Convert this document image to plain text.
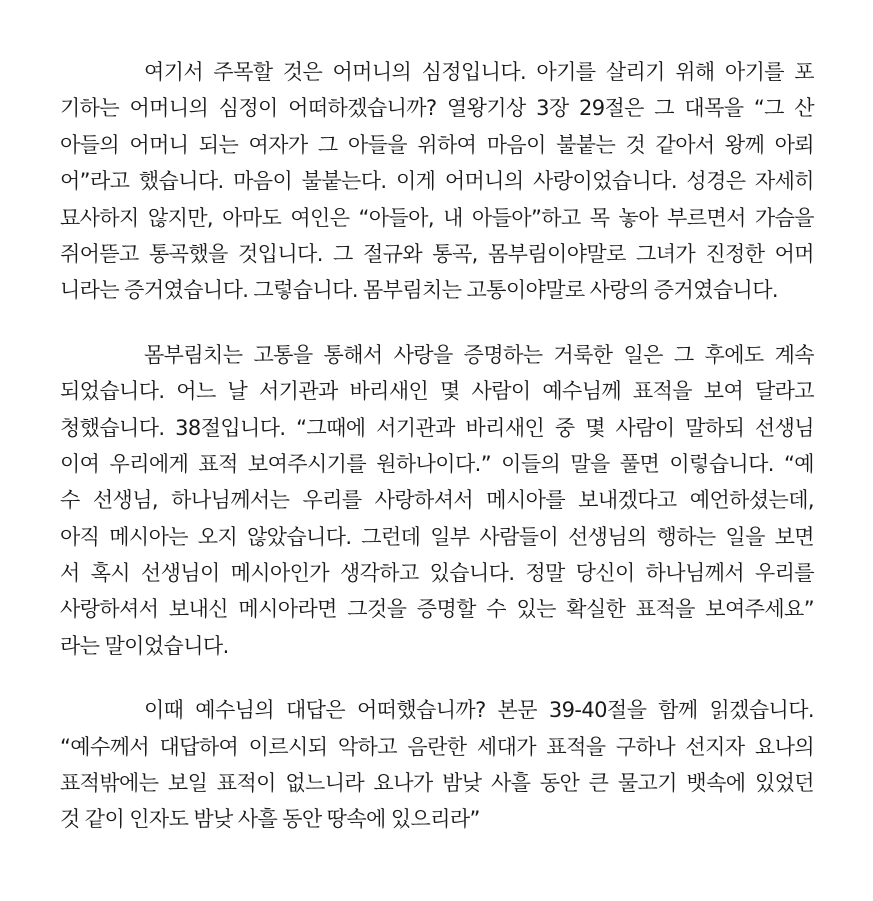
여기서 주목할 것은 어머니의 심정입니다. 아기를 살리기 위해 아기를 포
기하는 어머니의 심정이 어떠하겠습니까? 열왕기상 3장 29절은 그 대목을 “그 산
아들의 어머니 되는 여자가 그 아들을 위하여 마음이 불붙는 것 같아서 왕께 아뢰
어”라고 했습니다. 마음이 불붙는다. 이게 어머니의 사랑이었습니다. 성경은 자세히
묘사하지 않지만, 아마도 여인은 “아들아, 내 아들아”하고 목 놓아 부르면서 가슴을
쥐어뜯고 통곡했을 것입니다. 그 절규와 통곡, 몸부림이야말로 그녀가 진정한 어머
니라는 증거였습니다. 그렇습니다. 몸부림치는 고통이야말로 사랑의 증거였습니다.
몸부림치는 고통을 통해서 사랑을 증명하는 거룩한 일은 그 후에도 계속
되었습니다. 어느 날 서기관과 바리새인 몇 사람이 예수님께 표적을 보여 달라고
청했습니다. 38절입니다. “그때에 서기관과 바리새인 중 몇 사람이 말하되 선생님
이여 우리에게 표적 보여주시기를 원하나이다.” 이들의 말을 풀면 이렇습니다. “예
수 선생님, 하나님께서는 우리를 사랑하셔서 메시아를 보내겠다고 예언하셨는데,
아직 메시아는 오지 않았습니다. 그런데 일부 사람들이 선생님의 행하는 일을 보면
서 혹시 선생님이 메시아인가 생각하고 있습니다. 정말 당신이 하나님께서 우리를
사랑하셔서 보내신 메시아라면 그것을 증명할 수 있는 확실한 표적을 보여주세요”
라는 말이었습니다.
이때 예수님의 대답은 어떠했습니까? 본문 39-40절을 함께 읽겠습니다.
“예수께서 대답하여 이르시되 악하고 음란한 세대가 표적을 구하나 선지자 요나의
표적밖에는 보일 표적이 없느니라 요나가 밤낮 사흘 동안 큰 물고기 뱃속에 있었던
것 같이 인자도 밤낮 사흘 동안 땅속에 있으리라”
